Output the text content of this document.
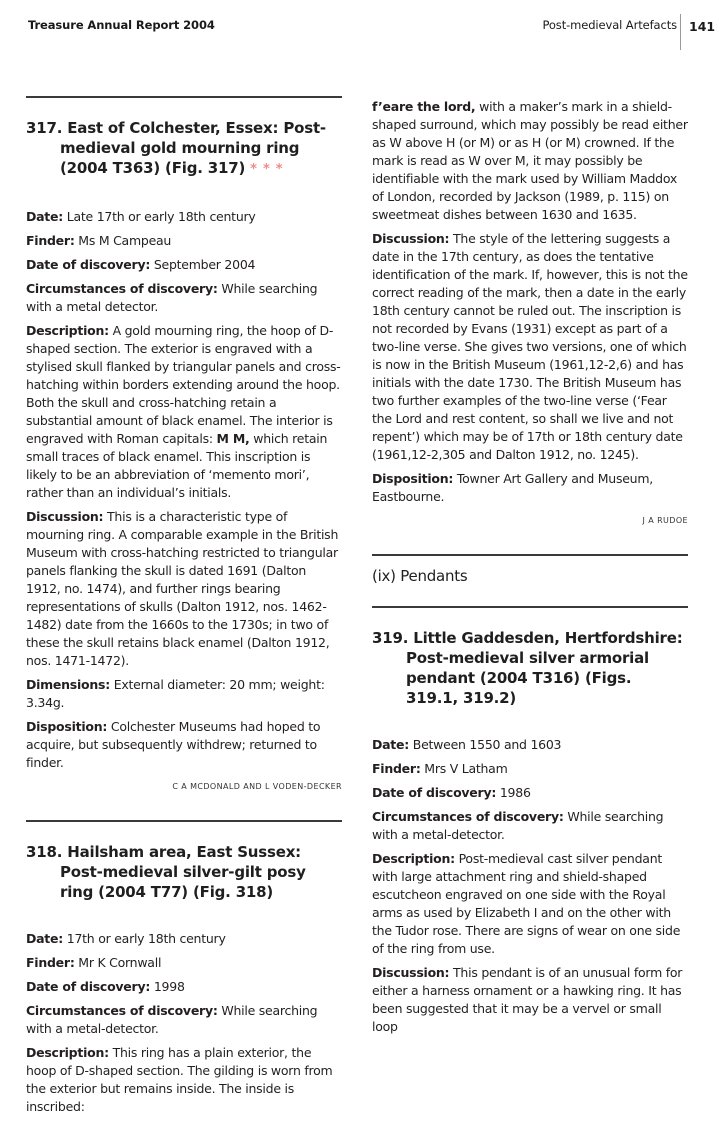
Treasure Annual Report 2004	Post-medieval Artefacts 141
317. East of Colchester, Essex: Post-medieval gold mourning ring (2004 T363) (Fig. 317) ***

Date: Late 17th or early 18th century

Finder: Ms M Campeau

Date of discovery: September 2004

Circumstances of discovery: While searching with a metal detector.

Description: A gold mourning ring, the hoop of D-shaped section. The exterior is engraved with a stylised skull flanked by triangular panels and cross-hatching within borders extending around the hoop. Both the skull and cross-hatching retain a substantial amount of black enamel. The interior is engraved with Roman capitals: M M, which retain small traces of black enamel. This inscription is likely to be an abbreviation of ‘memento mori’, rather than an individual’s initials.

Discussion: This is a characteristic type of mourning ring. A comparable example in the British Museum with cross-hatching restricted to triangular panels flanking the skull is dated 1691 (Dalton 1912, no. 1474), and further rings bearing representations of skulls (Dalton 1912, nos. 1462-1482) date from the 1660s to the 1730s; in two of these the skull retains black enamel (Dalton 1912, nos. 1471-1472).

Dimensions: External diameter: 20 mm; weight: 3.34g.

Disposition: Colchester Museums had hoped to acquire, but subsequently withdrew; returned to finder.

C A MCDONALD AND L VODEN-DECKER
318. Hailsham area, East Sussex: Post-medieval silver-gilt posy ring (2004 T77) (Fig. 318)

Date: 17th or early 18th century

Finder: Mr K Cornwall

Date of discovery: 1998

Circumstances of discovery: While searching with a metal-detector.

Description: This ring has a plain exterior, the hoop of D-shaped section. The gilding is worn from the exterior but remains inside. The inside is inscribed:

f’eare the lord, with a maker’s mark in a shield-shaped surround, which may possibly be read either as W above H (or M) or as H (or M) crowned. If the mark is read as W over M, it may possibly be identifiable with the mark used by William Maddox of London, recorded by Jackson (1989, p. 115) on sweetmeat dishes between 1630 and 1635.

Discussion: The style of the lettering suggests a date in the 17th century, as does the tentative identification of the mark. If, however, this is not the correct reading of the mark, then a date in the early 18th century cannot be ruled out. The inscription is not recorded by Evans (1931) except as part of a two-line verse. She gives two versions, one of which is now in the British Museum (1961,12-2,6) and has initials with the date 1730. The British Museum has two further examples of the two-line verse (‘Fear the Lord and rest content, so shall we live and not repent’) which may be of 17th or 18th century date (1961,12-2,305 and Dalton 1912, no. 1245).

Disposition: Towner Art Gallery and Museum, Eastbourne.

J A RUDOE
(ix) Pendants
319. Little Gaddesden, Hertfordshire: Post-medieval silver armorial pendant (2004 T316) (Figs. 319.1, 319.2)

Date: Between 1550 and 1603

Finder: Mrs V Latham

Date of discovery: 1986

Circumstances of discovery: While searching with a metal-detector.

Description: Post-medieval cast silver pendant with large attachment ring and shield-shaped escutcheon engraved on one side with the Royal arms as used by Elizabeth I and on the other with the Tudor rose. There are signs of wear on one side of the ring from use.

Discussion: This pendant is of an unusual form for either a harness ornament or a hawking ring. It has been suggested that it may be a vervel or small loop
